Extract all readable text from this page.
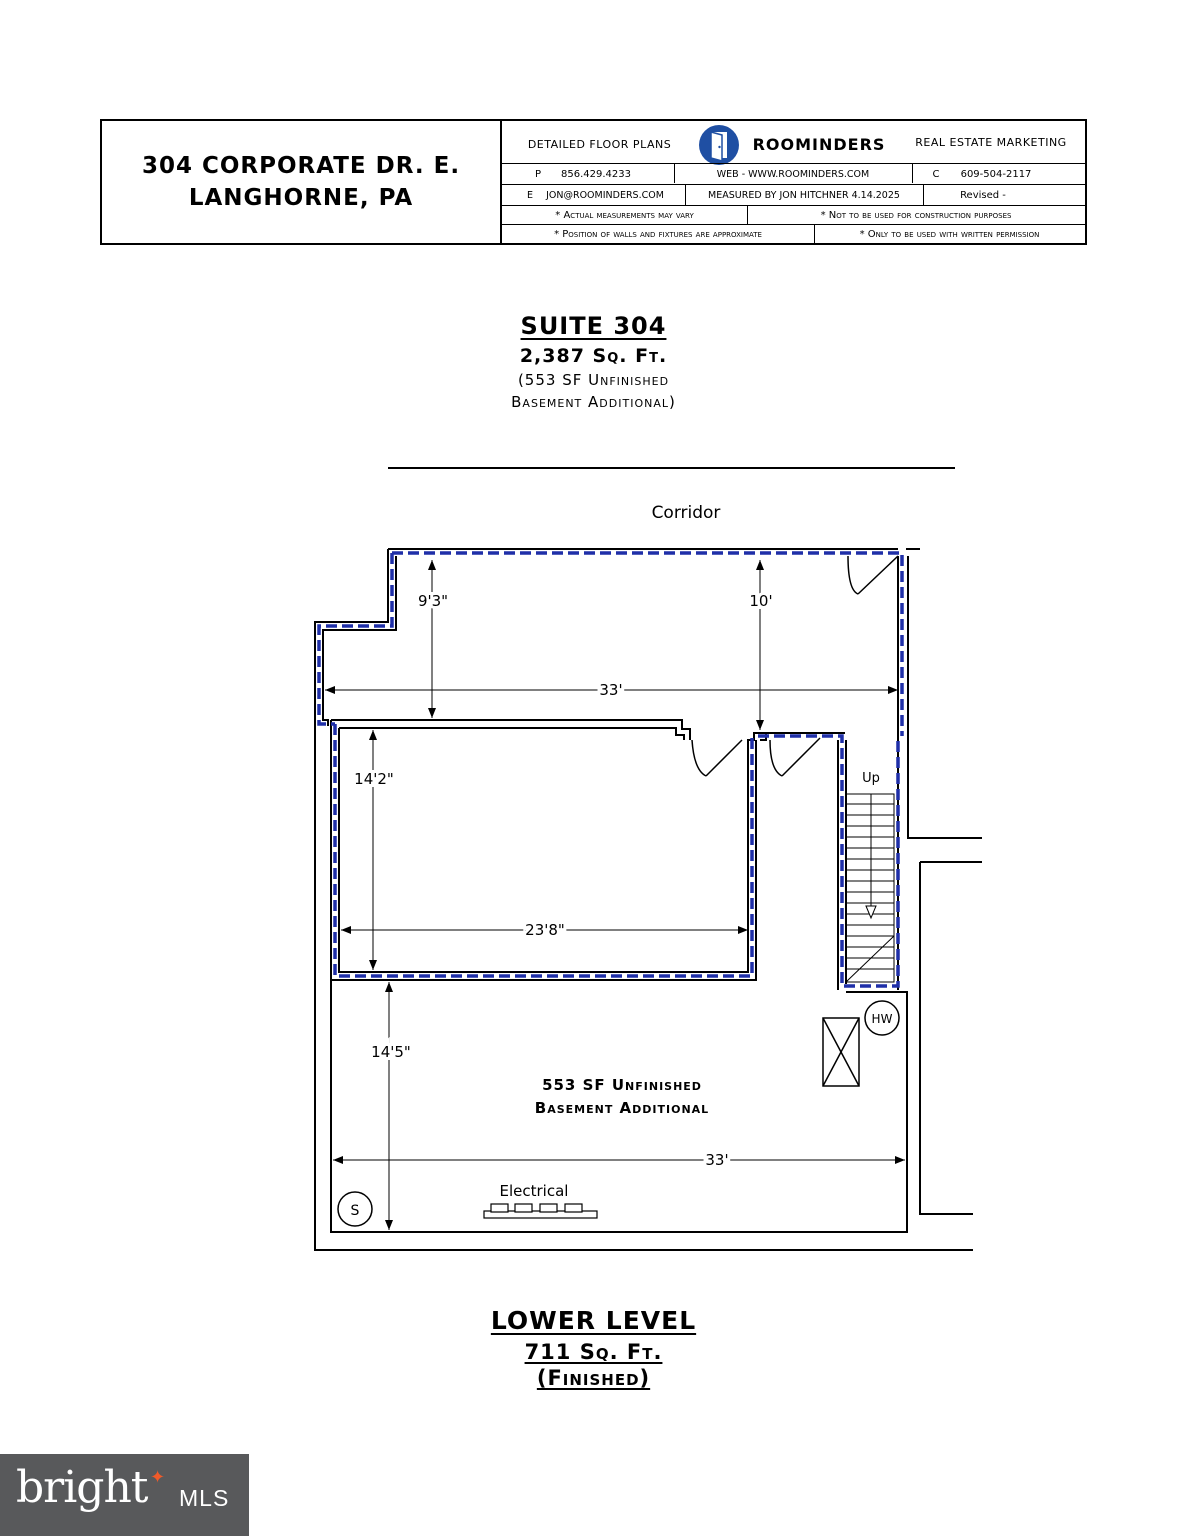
304 CORPORATE DR. E.
LANGHORNE, PA
DETAILED FLOOR PLANS	ROOMINDERS	REAL ESTATE MARKETING
P	856.429.4233	WEB - WWW.ROOMINDERS.COM	C	609-504-2117
E	JON@ROOMINDERS.COM	MEASURED BY JON HITCHNER 4.14.2025	Revised -
* Actual measurements may vary	* Not to be used for construction purposes
* Position of walls and fixtures are approximate	* Only to be used with written permission
SUITE 304
2,387 Sq. Ft.
(553 SF Unfinished
Basement Additional)
Corridor
Up
9'3"	10'
33'
14'2"
23'8"
14'5"
33'
HW
S
Electrical
553 SF Unfinished
Basement Additional
LOWER LEVEL
711 Sq. Ft.
(Finished)
bright ✦
MLS
